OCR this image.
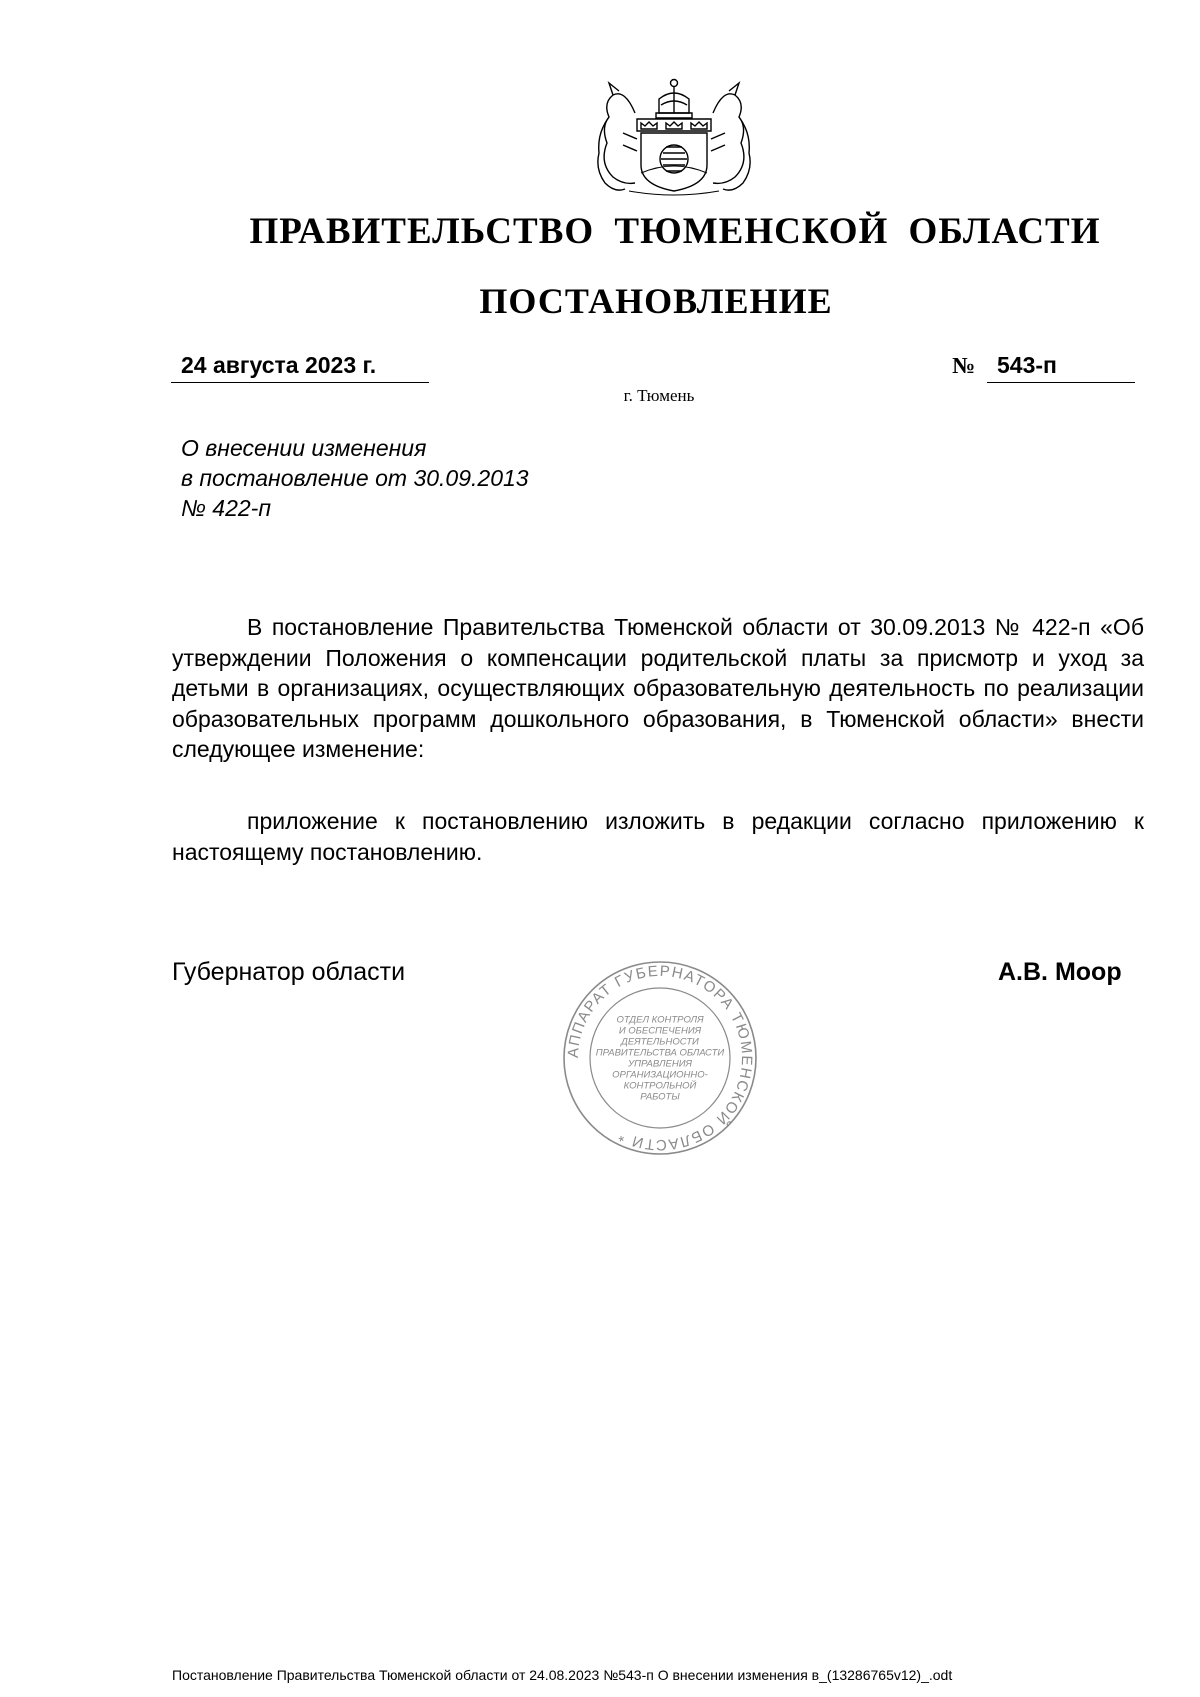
ПРАВИТЕЛЬСТВО ТЮМЕНСКОЙ ОБЛАСТИ
ПОСТАНОВЛЕНИЕ
24 августа 2023 г.	№ 543-п
г. Тюмень
О внесении изменения
в постановление от 30.09.2013
№ 422-п

В постановление Правительства Тюменской области от 30.09.2013 № 422-п «Об утверждении Положения о компенсации родительской платы за присмотр и уход за детьми в организациях, осуществляющих образовательную деятельность по реализации образовательных программ дошкольного образования, в Тюменской области» внести следующее изменение:

приложение к постановлению изложить в редакции согласно приложению к настоящему постановлению.

Губернатор области	А.В. Моор
АППАРАТ ГУБЕРНАТОРА ТЮМЕНСКОЙ ОБЛАСТИ *
ОТДЕЛ КОНТРОЛЯ
И ОБЕСПЕЧЕНИЯ
ДЕЯТЕЛЬНОСТИ
ПРАВИТЕЛЬСТВА ОБЛАСТИ
УПРАВЛЕНИЯ
ОРГАНИЗАЦИОННО-
КОНТРОЛЬНОЙ
РАБОТЫ
Постановление Правительства Тюменской области от 24.08.2023 №543-п О внесении изменения в_(13286765v12)_.odt
